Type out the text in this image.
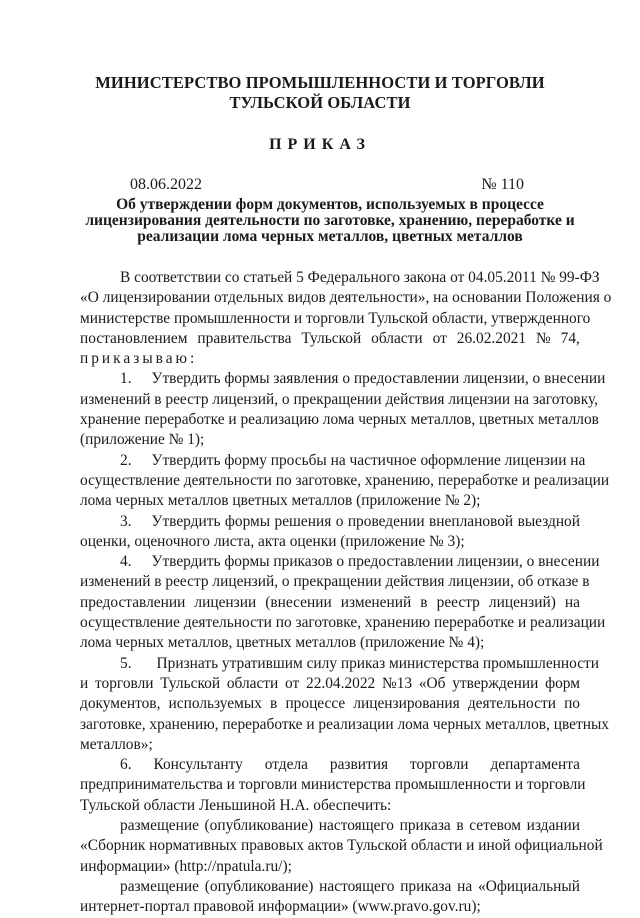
МИНИСТЕРСТВО ПРОМЫШЛЕННОСТИ И ТОРГОВЛИ
ТУЛЬСКОЙ ОБЛАСТИ
ПРИКАЗ
08.06.2022	№ 110
Об утверждении форм документов, используемых в процессе
лицензирования деятельности по заготовке, хранению, переработке и
реализации лома черных металлов, цветных металлов
В соответствии со статьей 5 Федерального закона от 04.05.2011 № 99-ФЗ
«О лицензировании отдельных видов деятельности», на основании Положения о
министерстве промышленности и торговли Тульской области, утвержденного
постановлением правительства Тульской области от 26.02.2021 № 74,
приказываю:
1. Утвердить формы заявления о предоставлении лицензии, о внесении
изменений в реестр лицензий, о прекращении действия лицензии на заготовку,
хранение переработке и реализацию лома черных металлов, цветных металлов
(приложение № 1);
2. Утвердить форму просьбы на частичное оформление лицензии на
осуществление деятельности по заготовке, хранению, переработке и реализации
лома черных металлов цветных металлов (приложение № 2);
3. Утвердить формы решения о проведении внеплановой выездной
оценки, оценочного листа, акта оценки (приложение № 3);
4. Утвердить формы приказов о предоставлении лицензии, о внесении
изменений в реестр лицензий, о прекращении действия лицензии, об отказе в
предоставлении лицензии (внесении изменений в реестр лицензий) на
осуществление деятельности по заготовке, хранению переработке и реализации
лома черных металлов, цветных металлов (приложение № 4);
5. Признать утратившим силу приказ министерства промышленности
и торговли Тульской области от 22.04.2022 №13 «Об утверждении форм
документов, используемых в процессе лицензирования деятельности по
заготовке, хранению, переработке и реализации лома черных металлов, цветных
металлов»;
6. Консультанту отдела развития торговли департамента
предпринимательства и торговли министерства промышленности и торговли
Тульской области Леньшиной Н.А. обеспечить:
размещение (опубликование) настоящего приказа в сетевом издании
«Сборник нормативных правовых актов Тульской области и иной официальной
информации» (http://npatula.ru/);
размещение (опубликование) настоящего приказа на «Официальный
интернет-портал правовой информации» (www.pravo.gov.ru);
